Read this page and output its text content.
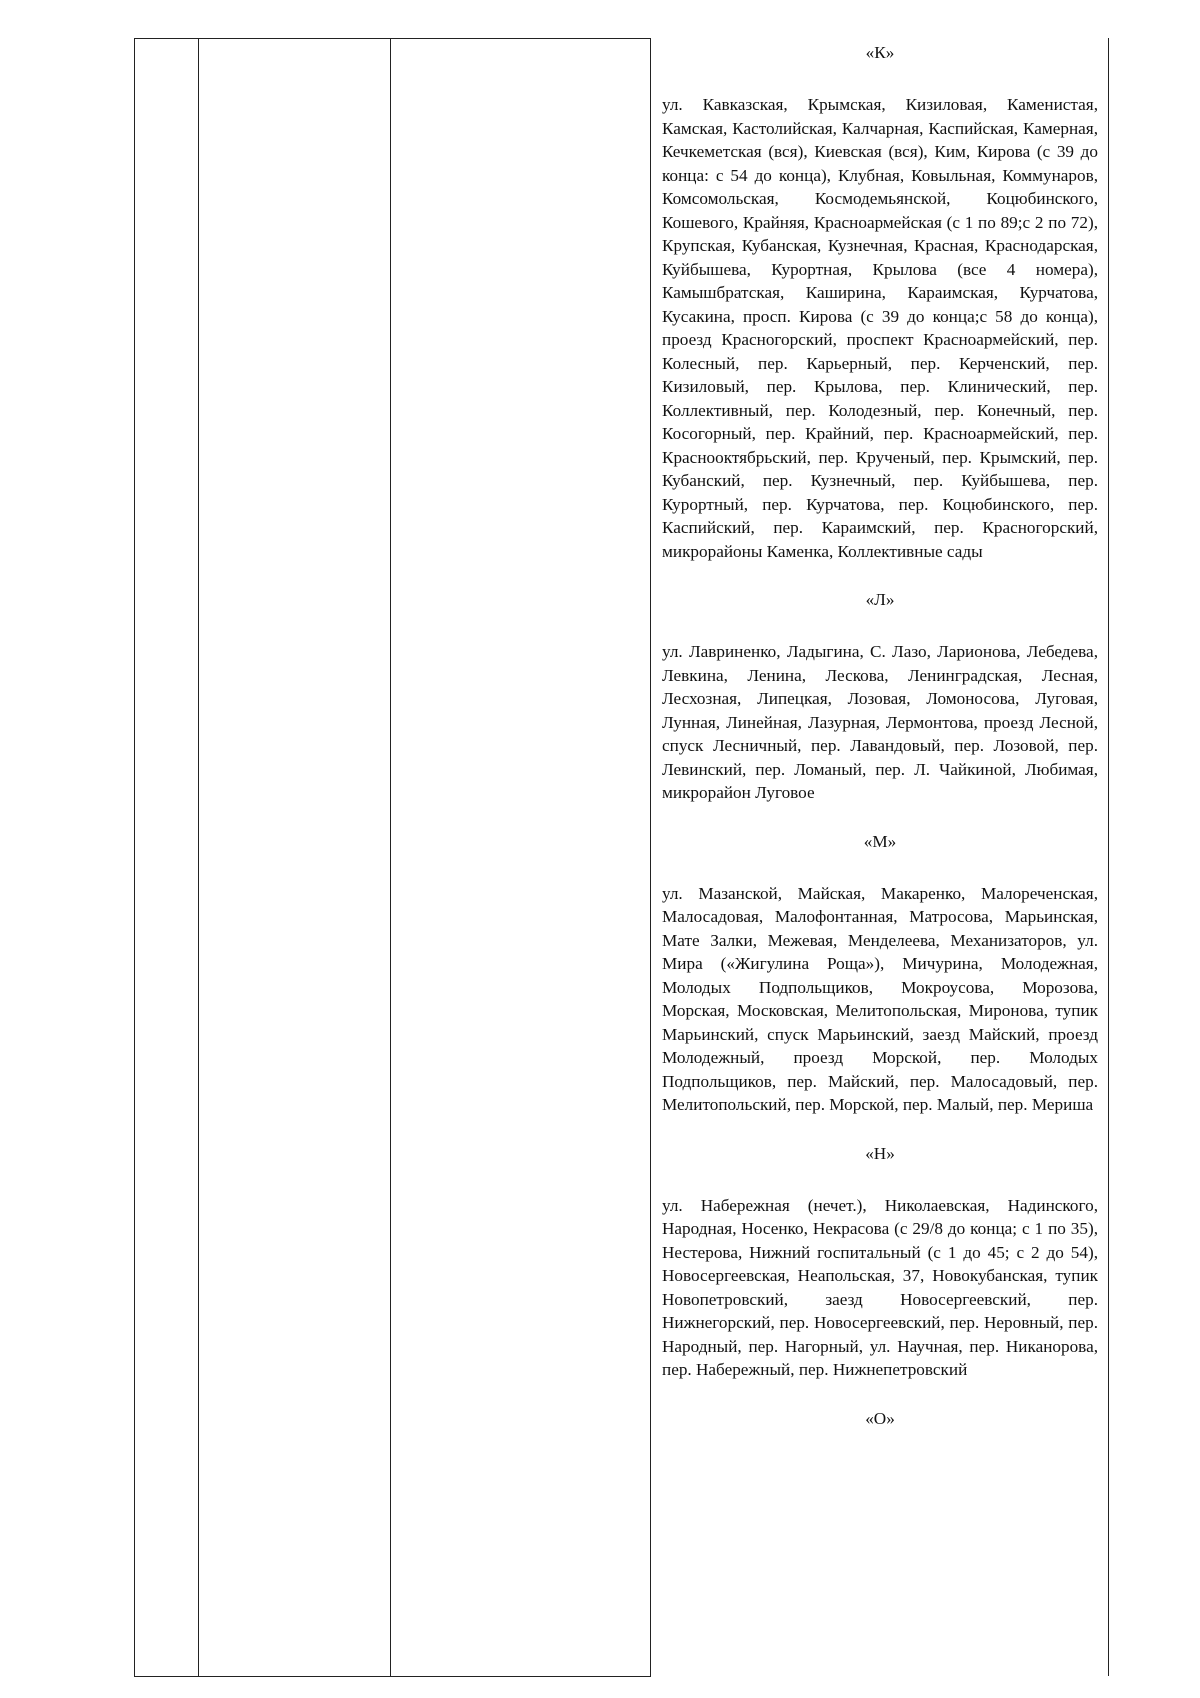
«К»

ул. Кавказская, Крымская, Кизиловая, Каменистая, Камская, Кастолийская, Калчарная, Каспийская, Камерная, Кечкеметская (вся), Киевская (вся), Ким, Кирова (с 39 до конца: с 54 до конца), Клубная, Ковыльная, Коммунаров, Комсомольская, Космодемьянской, Коцюбинского, Кошевого, Крайняя, Красноармейская (с 1 по 89;с 2 по 72), Крупская, Кубанская, Кузнечная, Красная, Краснодарская, Куйбышева, Курортная, Крылова (все 4 номера), Камышбратская, Каширина, Караимская, Курчатова, Кусакина, просп. Кирова (с 39 до конца;с 58 до конца), проезд Красногорский, проспект Красноармейский, пер. Колесный, пер. Карьерный, пер. Керченский, пер. Кизиловый, пер. Крылова, пер. Клинический, пер. Коллективный, пер. Колодезный, пер. Конечный, пер. Косогорный, пер. Крайний, пер. Красноармейский, пер. Краснооктябрьский, пер. Крученый, пер. Крымский, пер. Кубанский, пер. Кузнечный, пер. Куйбышева, пер. Курортный, пер. Курчатова, пер. Коцюбинского, пер. Каспийский, пер. Караимский, пер. Красногорский, микрорайоны Каменка, Коллективные сады

«Л»

ул. Лавриненко, Ладыгина, С. Лазо, Ларионова, Лебедева, Левкина, Ленина, Лескова, Ленинградская, Лесная, Лесхозная, Липецкая, Лозовая, Ломоносова, Луговая, Лунная, Линейная, Лазурная, Лермонтова, проезд Лесной, спуск Лесничный, пер. Лавандовый, пер. Лозовой, пер. Левинский, пер. Ломаный, пер. Л. Чайкиной, Любимая, микрорайон Луговое

«М»

ул. Мазанской, Майская, Макаренко, Малореченская, Малосадовая, Малофонтанная, Матросова, Марьинская, Мате Залки, Межевая, Менделеева, Механизаторов, ул. Мира («Жигулина Роща»), Мичурина, Молодежная, Молодых Подпольщиков, Мокроусова, Морозова, Морская, Московская, Мелитопольская, Миронова, тупик Марьинский, спуск Марьинский, заезд Майский, проезд Молодежный, проезд Морской, пер. Молодых Подпольщиков, пер. Майский, пер. Малосадовый, пер. Мелитопольский, пер. Морской, пер. Малый, пер. Мериша

«Н»

ул. Набережная (нечет.), Николаевская, Надинского, Народная, Носенко, Некрасова (с 29/8 до конца; с 1 по 35), Нестерова, Нижний госпитальный (с 1 до 45; с 2 до 54), Новосергеевская, Неапольская, 37, Новокубанская, тупик Новопетровский, заезд Новосергеевский, пер. Нижнегорский, пер. Новосергеевский, пер. Неровный, пер. Народный, пер. Нагорный, ул. Научная, пер. Никанорова, пер. Набережный, пер. Нижнепетровский

«О»
